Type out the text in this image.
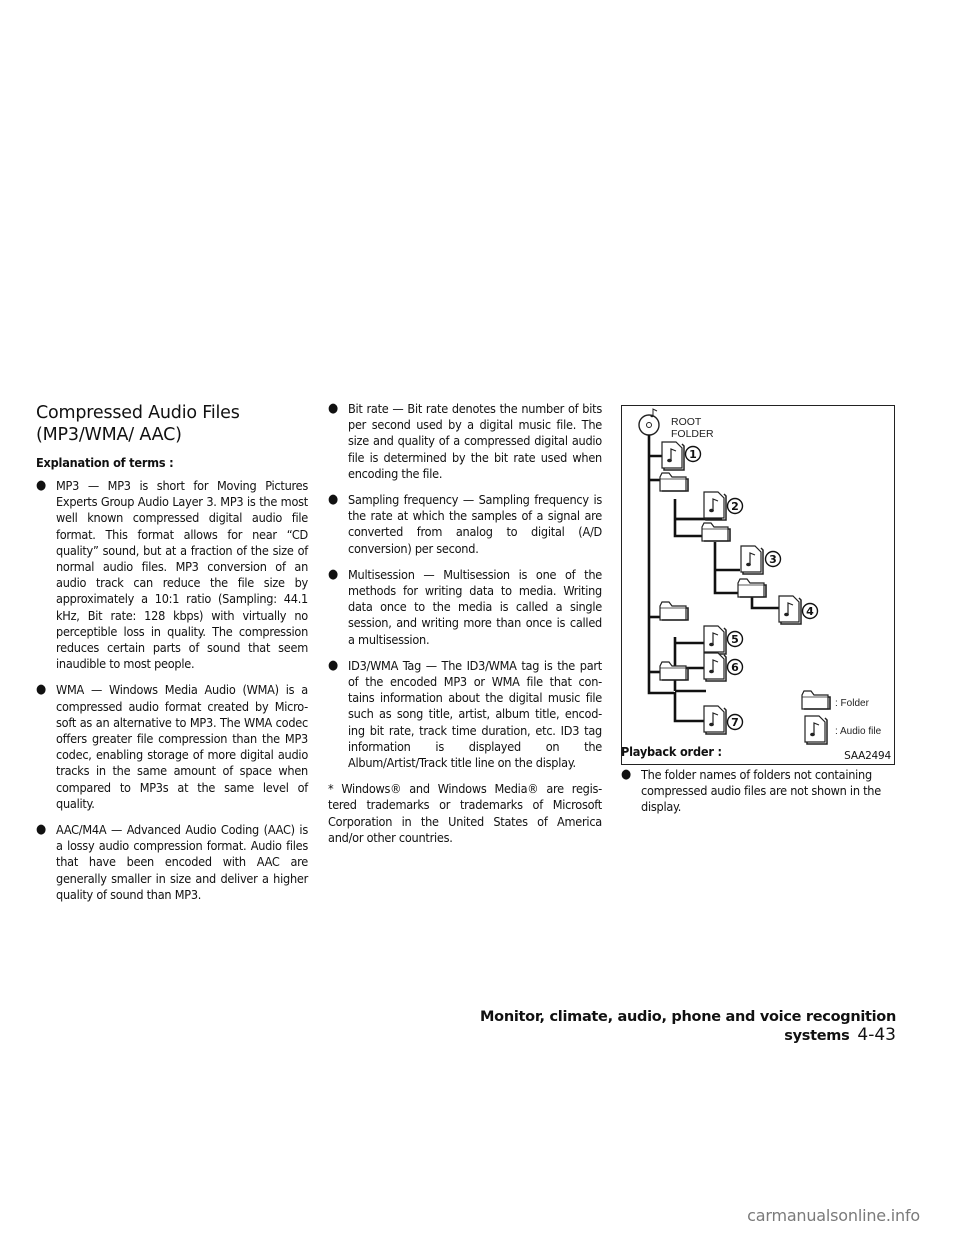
Compressed Audio Files (MP3/WMA/ AAC)
Explanation of terms :
● MP3 — MP3 is short for Moving Pictures Experts Group Audio Layer 3. MP3 is the most well known compressed digital audio file format. This format allows for near “CD quality” sound, but at a fraction of the size of normal audio files. MP3 conversion of an audio track can reduce the file size by approximately a 10:1 ratio (Sampling: 44.1 kHz, Bit rate: 128 kbps) with virtually no perceptible loss in quality. The compression reduces certain parts of sound that seem inaudible to most people.
● WMA — Windows Media Audio (WMA) is a compressed audio format created by Micro- soft as an alternative to MP3. The WMA codec offers greater file compression than the MP3 codec, enabling storage of more digital audio tracks in the same amount of space when compared to MP3s at the same level of quality.
● AAC/M4A — Advanced Audio Coding (AAC) is a lossy audio compression format. Audio files that have been encoded with AAC are generally smaller in size and deliver a higher quality of sound than MP3.
● Bit rate — Bit rate denotes the number of bits per second used by a digital music file. The size and quality of a compressed digital audio file is determined by the bit rate used when encoding the file.
● Sampling frequency — Sampling frequency is the rate at which the samples of a signal are converted from analog to digital (A/D conversion) per second.
● Multisession — Multisession is one of the methods for writing data to media. Writing data once to the media is called a single session, and writing more than once is called a multisession.
● ID3/WMA Tag — The ID3/WMA tag is the part of the encoded MP3 or WMA file that con- tains information about the digital music file such as song title, artist, album title, encod- ing bit rate, track time duration, etc. ID3 tag information is displayed on the Album/Artist/Track title line on the display.
* Windows® and Windows Media® are regis- tered trademarks or trademarks of Microsoft Corporation in the United States of America and/or other countries.
ROOT
FOLDER
1
2
3
4
5
6
7
: Folder
: Audio file
SAA2494
Playback order :
● The folder names of folders not containing compressed audio files are not shown in the display.
Monitor, climate, audio, phone and voice recognition systems 4-43
carmanualsonline.info
